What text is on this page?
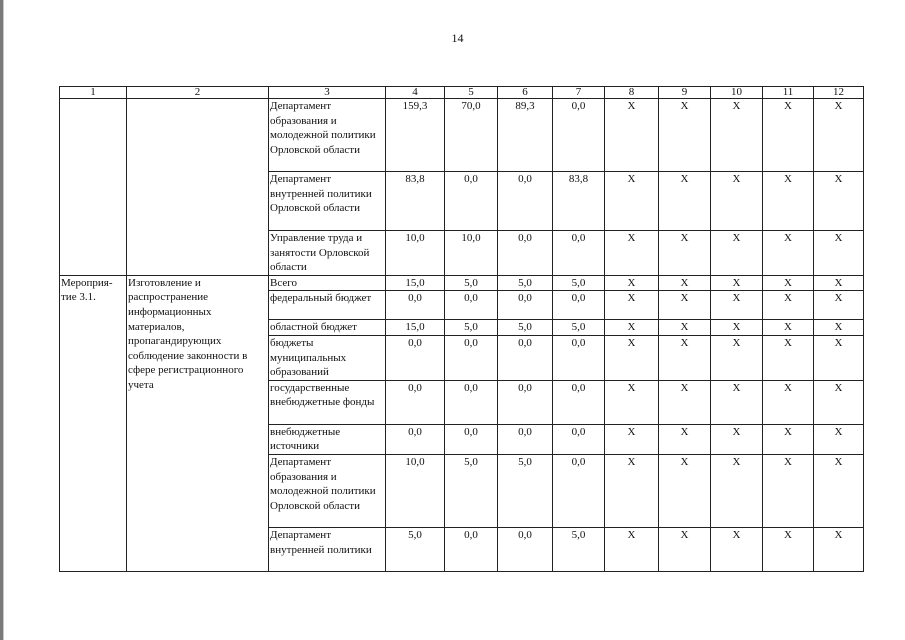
14
1	2	3	4	5	6	7	8	9	10	11	12
		Департамент образования и молодежной политики Орловской области	159,3	70,0	89,3	0,0	X	X	X	X	X
		Департамент внутренней политики Орловской области	83,8	0,0	0,0	83,8	X	X	X	X	X
		Управление труда и занятости Орловской области	10,0	10,0	0,0	0,0	X	X	X	X	X
Мероприя-тие 3.1.	Изготовление и распространение информационных материалов, пропагандирующих соблюдение законности в сфере регистрационного учета	Всего	15,0	5,0	5,0	5,0	X	X	X	X	X
		федеральный бюджет	0,0	0,0	0,0	0,0	X	X	X	X	X
		областной бюджет	15,0	5,0	5,0	5,0	X	X	X	X	X
		бюджеты муниципальных образований	0,0	0,0	0,0	0,0	X	X	X	X	X
		государственные внебюджетные фонды	0,0	0,0	0,0	0,0	X	X	X	X	X
		внебюджетные источники	0,0	0,0	0,0	0,0	X	X	X	X	X
		Департамент образования и молодежной политики Орловской области	10,0	5,0	5,0	0,0	X	X	X	X	X
		Департамент внутренней политики	5,0	0,0	0,0	5,0	X	X	X	X	X
